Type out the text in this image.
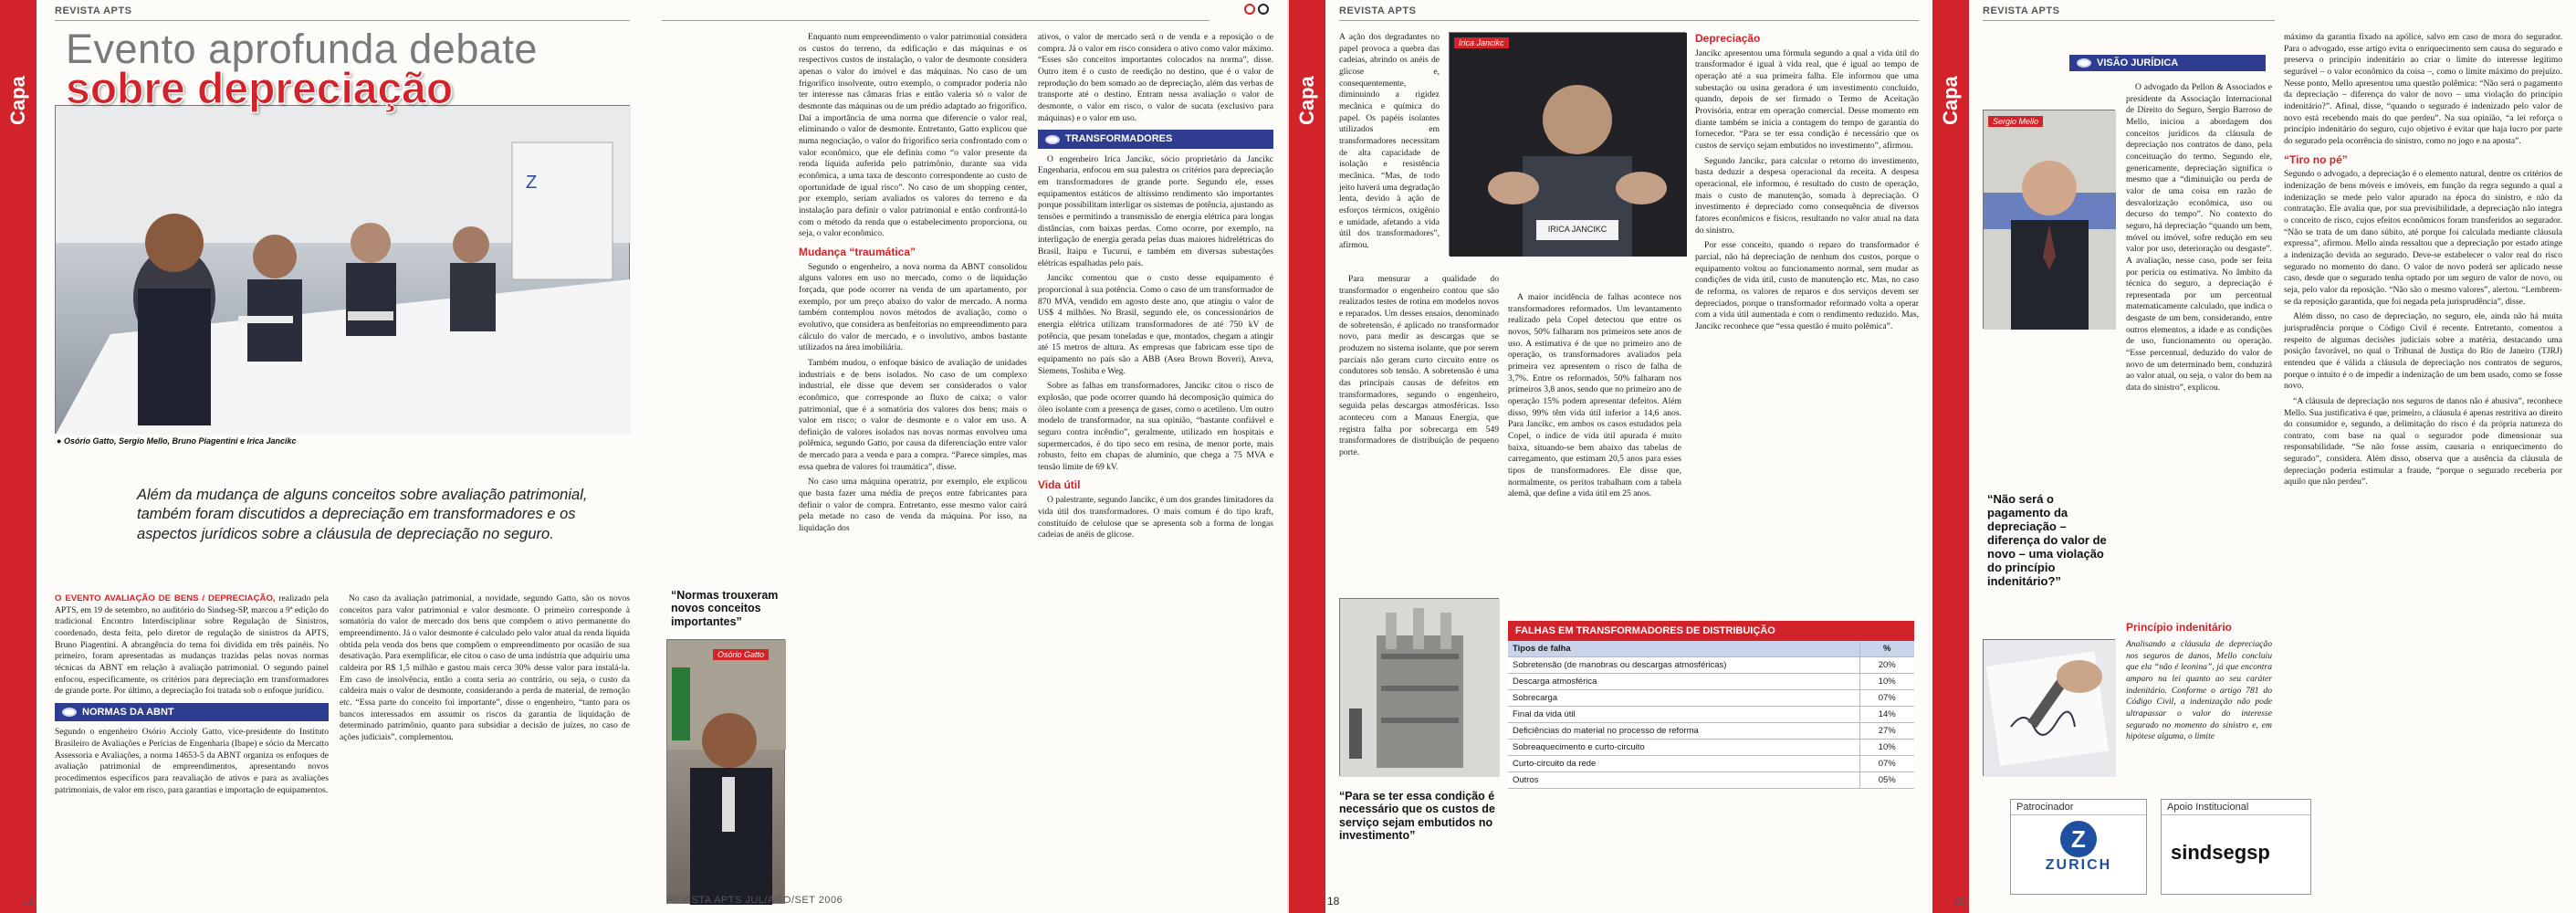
Capa
REVISTA APTS
Evento aprofunda debate
sobre depreciação
Z
● Osório Gatto, Sergio Mello, Bruno Piagentini e Irica Jancikc
Além da mudança de alguns conceitos sobre avaliação patrimonial, também foram discutidos a depreciação em transformadores e os aspectos jurídicos sobre a cláusula de depreciação no seguro.

O EVENTO AVALIAÇÃO DE BENS / DEPRECIAÇÃO, realizado pela APTS, em 19 de setembro, no auditório do Sindseg-SP, marcou a 9ª edição do tradicional Encontro Interdisciplinar sobre Regulação de Sinistros, coordenado, desta feita, pelo diretor de regulação de sinistros da APTS, Bruno Piagentini. A abrangência do tema foi dividida em três painéis. No primeiro, foram apresentadas as mudanças trazidas pelas novas normas técnicas da ABNT em relação à avaliação patrimonial. O segundo painel enfocou, especificamente, os critérios para depreciação em transformadores de grande porte. Por último, a depreciação foi tratada sob o enfoque jurídico.

NORMAS DA ABNT

Segundo o engenheiro Osório Accioly Gatto, vice-presidente do Instituto Brasileiro de Avaliações e Perícias de Engenharia (Ibape) e sócio da Mercatto Assessoria e Avaliações, a norma 14653-5 da ABNT organiza os enfoques de avaliação patrimonial de empreendimentos, apresentando novos procedimentos específicos para reavaliação de ativos e para as avaliações patrimoniais, de valor em risco, para garantias e importação de equipamentos.

No caso da avaliação patrimonial, a novidade, segundo Gatto, são os novos conceitos para valor patrimonial e valor desmonte. O primeiro corresponde à somatória do valor de mercado dos bens que compõem o ativo permanente do empreendimento. Já o valor desmonte é calculado pelo valor atual da renda líquida obtida pela venda dos bens que compõem o empreendimento por ocasião de sua desativação. Para exemplificar, ele citou o caso de uma indústria que adquiriu uma caldeira por R$ 1,5 milhão e gastou mais cerca 30% desse valor para instalá-la. Em caso de insolvência, então a conta seria ao contrário, ou seja, o custo da caldeira mais o valor de desmonte, considerando a perda de material, de remoção etc. “Essa parte do conceito foi importante”, disse o engenheiro, “tanto para os bancos interessados em assumir os riscos da garantia de liquidação de determinado patrimônio, quanto para subsidiar a decisão de juízes, no caso de ações judiciais”, complementou.

16
“Normas trouxeram novos conceitos importantes”
Osório Gatto
REVISTA APTS JUL/AGO/SET 2006

Enquanto num empreendimento o valor patrimonial considera os custos do terreno, da edificação e das máquinas e os respectivos custos de instalação, o valor de desmonte considera apenas o valor do imóvel e das máquinas. No caso de um frigorífico insolvente, outro exemplo, o comprador poderia não ter interesse nas câmaras frias e então valeria só o valor de desmonte das máquinas ou de um prédio adaptado ao frigorífico. Daí a importância de uma norma que diferencie o valor real, eliminando o valor de desmonte. Entretanto, Gatto explicou que numa negociação, o valor do frigorífico seria confrontado com o valor econômico, que ele definiu como “o valor presente da renda líquida auferida pelo patrimônio, durante sua vida econômica, a uma taxa de desconto correspondente ao custo de oportunidade de igual risco”. No caso de um shopping center, por exemplo, seriam avaliados os valores do terreno e da instalação para definir o valor patrimonial e então confrontá-lo com o método da renda que o estabelecimento proporciona, ou seja, o valor econômico.

Mudança “traumática”

Segundo o engenheiro, a nova norma da ABNT consolidou alguns valores em uso no mercado, como o de liquidação forçada, que pode ocorrer na venda de um apartamento, por exemplo, por um preço abaixo do valor de mercado. A norma também contemplou novos métodos de avaliação, como o evolutivo, que considera as benfeitorias no empreendimento para cálculo do valor de mercado, e o involutivo, ambos bastante utilizados na área imobiliária.

Também mudou, o enfoque básico de avaliação de unidades industriais e de bens isolados. No caso de um complexo industrial, ele disse que devem ser considerados o valor econômico, que corresponde ao fluxo de caixa; o valor patrimonial, que é a somatória dos valores dos bens; mais o valor em risco; o valor de desmonte e o valor em uso. A definição de valores isolados nas novas normas envolveu uma polêmica, segundo Gatto, por causa da diferenciação entre valor de mercado para a venda e para a compra. “Parece simples, mas essa quebra de valores foi traumática”, disse.

No caso uma máquina operatriz, por exemplo, ele explicou que basta fazer uma média de preços entre fabricantes para definir o valor de compra. Entretanto, esse mesmo valor cairá pela metade no caso de venda da máquina. Por isso, na liquidação dos

ativos, o valor de mercado será o de venda e a reposição o de compra. Já o valor em risco considera o ativo como valor máximo. “Esses são conceitos importantes colocados na norma”, disse. Outro item é o custo de reedição no destino, que é o valor de reprodução do bem somado ao de depreciação, além das verbas de transporte até o destino. Entram nessa avaliação o valor de desmonte, o valor em risco, o valor de sucata (exclusivo para máquinas) e o valor em uso.

TRANSFORMADORES

O engenheiro Irica Jancikc, sócio proprietário da Jancikc Engenharia, enfocou em sua palestra os critérios para depreciação em transformadores de grande porte. Segundo ele, esses equipamentos estáticos de altíssimo rendimento são importantes porque possibilitam interligar os sistemas de potência, ajustando as tensões e permitindo a transmissão de energia elétrica para longas distâncias, com baixas perdas. Como ocorre, por exemplo, na interligação de energia gerada pelas duas maiores hidrelétricas do Brasil, Itaipu e Tucuruí, e também em diversas subestações elétricas espalhadas pelo país.

Jancikc comentou que o custo desse equipamento é proporcional à sua potência. Como o caso de um transformador de 870 MVA, vendido em agosto deste ano, que atingiu o valor de US$ 4 milhões. No Brasil, segundo ele, os concessionários de energia elétrica utilizam transformadores de até 750 kV de potência, que pesam toneladas e que, montados, chegam a atingir até 15 metros de altura. As empresas que fabricam esse tipo de equipamento no país são a ABB (Asea Brown Boveri), Areva, Siemens, Toshiba e Weg.

Sobre as falhas em transformadores, Jancikc citou o risco de explosão, que pode ocorrer quando há decomposição química do óleo isolante com a presença de gases, como o acetileno. Um outro modelo de transformador, na sua opinião, “bastante confiável e seguro contra incêndio”, geralmente, utilizado em hospitais e supermercados, é do tipo seco em resina, de menor porte, mais robusto, feito em chapas de alumínio, que chega a 75 MVA e tensão limite de 69 kV.

Vida útil

O palestrante, segundo Jancikc, é um dos grandes limitadores da vida útil dos transformadores. O mais comum é do tipo kraft, constituído de celulose que se apresenta sob a forma de longas cadeias de anéis de glicose.

Capa
REVISTA APTS

A ação dos degradantes no papel provoca a quebra das cadeias, abrindo os anéis de glicose e, consequentemente, diminuindo a rigidez mecânica e química do papel. Os papéis isolantes utilizados em transformadores necessitam de alta capacidade de isolação e resistência mecânica. “Mas, de todo jeito haverá uma degradação lenta, devido à ação de esforços térmicos, oxigênio e umidade, afetando a vida útil dos transformadores”, afirmou.

Irica Jancikc
IRICA JANCIKC

Para mensurar a qualidade do transformador o engenheiro contou que são realizados testes de rotina em modelos novos e reparados. Um desses ensaios, denominado de sobretensão, é aplicado no transformador novo, para medir as descargas que se produzem no sistema isolante, que por serem parciais não geram curto circuito entre os condutores sob tensão. A sobretensão é uma das principais causas de defeitos em transformadores, segundo o engenheiro, seguida pelas descargas atmosféricas. Isso aconteceu com a Manaus Energia, que registra falha por sobrecarga em 549 transformadores de distribuição de pequeno porte.

A maior incidência de falhas acontece nos transformadores reformados. Um levantamento realizado pela Copel detectou que entre os novos, 50% falharam nos primeiros sete anos de uso. A estimativa é de que no primeiro ano de operação, os transformadores avaliados pela primeira vez apresentem o risco de falha de 3,7%. Entre os reformados, 50% falharam nos primeiros 3,8 anos, sendo que no primeiro ano de operação 15% podem apresentar defeitos. Além disso, 99% têm vida útil inferior a 14,6 anos. Para Jancikc, em ambos os casos estudados pela Copel, o índice de vida útil apurada é muito baixa, situando-se bem abaixo das tabelas de carregamento, que estimam 20,5 anos para esses tipos de transformadores. Ele disse que, normalmente, os peritos trabalham com a tabela alemã, que define a vida útil em 25 anos.

Depreciação

Jancikc apresentou uma fórmula segundo a qual a vida útil do transformador é igual à vida real, que é igual ao tempo de operação até a sua primeira falha. Ele informou que uma subestação ou usina geradora é um investimento concluído, quando, depois de ser firmado o Termo de Aceitação Provisória, entrar em operação comercial. Desse momento em diante também se inicia a contagem do tempo de garantia do fornecedor. “Para se ter essa condição é necessário que os custos de serviço sejam embutidos no investimento”, afirmou.

Segundo Jancikc, para calcular o retorno do investimento, basta deduzir a despesa operacional da receita. A despesa operacional, ele informou, é resultado do custo de operação, mais o custo de manutenção, somada à depreciação. O investimento é depreciado como consequência de diversos fatores econômicos e físicos, resultando no valor atual na data do sinistro.

Por esse conceito, quando o reparo do transformador é parcial, não há depreciação de nenhum dos custos, porque o equipamento voltou ao funcionamento normal, sem mudar as condições de vida útil, custo de manutenção etc. Mas, no caso de reforma, os valores de reparos e dos serviços devem ser depreciados, porque o transformador reformado volta a operar com a vida útil aumentada e com o rendimento reduzido. Mas, Jancikc reconhece que “essa questão é muito polêmica”.

“Para se ter essa condição é necessário que os custos de serviço sejam embutidos no investimento”
FALHAS EM TRANSFORMADORES DE DISTRIBUIÇÃO
Tipos de falha	%
Sobretensão (de manobras ou descargas atmosféricas)	20%
Descarga atmosférica	10%
Sobrecarga	07%
Final da vida útil	14%
Deficiências do material no processo de reforma	27%
Sobreaquecimento e curto-circuito	10%
Curto-circuito da rede	07%
Outros	05%
18
Capa
REVISTA APTS
VISÃO JURÍDICA
Sergio Mello

O advogado da Pellon & Associados e presidente da Associação Internacional de Direito do Seguro, Sergio Barroso de Mello, iniciou a abordagem dos conceitos jurídicos da cláusula de depreciação nos contratos de dano, pela conceituação do termo. Segundo ele, genericamente, depreciação significa o mesmo que a “diminuição ou perda de valor de uma coisa em razão de desvalorização econômica, uso ou decurso do tempo”. No contexto do seguro, há depreciação “quando um bem, móvel ou imóvel, sofre redução em seu valor por uso, deterioração ou desgaste”. A avaliação, nesse caso, pode ser feita por perícia ou estimativa. No âmbito da técnica do seguro, a depreciação é representada por um percentual matematicamente calculado, que indica o desgaste de um bem, considerando, entre outros elementos, a idade e as condições de uso, funcionamento ou operação. “Esse percentual, deduzido do valor de novo de um determinado bem, conduzirá ao valor atual, ou seja, o valor do bem na data do sinistro”, explicou.

“Não será o pagamento da depreciação – diferença do valor de novo – uma violação do princípio indenitário?”
Princípio indenitário

Analisando a cláusula de depreciação nos seguros de danos, Mello concluiu que ela “não é leonina”, já que encontra amparo na lei quanto ao seu caráter indenitário. Conforme o artigo 781 do Código Civil, a indenização não pode ultrapassar o valor do interesse segurado no momento do sinistro e, em hipótese alguma, o limite

máximo da garantia fixado na apólice, salvo em caso de mora do segurador. Para o advogado, esse artigo evita o enriquecimento sem causa do segurado e preserva o princípio indenitário ao criar o limite do interesse legítimo segurável – o valor econômico da coisa –, como o limite máximo do prejuízo. Nesse ponto, Mello apresentou uma questão polêmica: “Não será o pagamento da depreciação – diferença do valor de novo – uma violação do princípio indenitário?”. Afinal, disse, “quando o segurado é indenizado pelo valor de novo está recebendo mais do que perdeu”. Na sua opinião, “a lei reforça o princípio indenitário do seguro, cujo objetivo é evitar que haja lucro por parte do segurado pela ocorrência do sinistro, como no jogo e na aposta”.

“Tiro no pé”

Segundo o advogado, a depreciação é o elemento natural, dentre os critérios de indenização de bens móveis e imóveis, em função da regra segundo a qual a indenização se mede pelo valor apurado na época do sinistro, e não da contratação. Ele avalia que, por sua previsibilidade, a depreciação não integra o conceito de risco, cujos efeitos econômicos foram transferidos ao segurador. “Não se trata de um dano súbito, até porque foi calculada mediante cláusula expressa”, afirmou. Mello ainda ressaltou que a depreciação por estado atinge a indenização devida ao segurado. Deve-se estabelecer o valor real do risco segurado no momento do dano. O valor de novo poderá ser aplicado nesse caso, desde que o segurado tenha optado por um seguro de valor de novo, ou seja, pelo valor da reposição. “Não são o mesmo valores”, alertou. “Lembrem-se da reposição garantida, que foi negada pela jurisprudência”, disse.

Além disso, no caso de depreciação, no seguro, ele, ainda não há muita jurisprudência porque o Código Civil é recente. Entretanto, comentou a respeito de algumas decisões judiciais sobre a matéria, destacando uma posição favorável, no qual o Tribunal de Justiça do Rio de Janeiro (TJRJ) entendeu que é válida a cláusula de depreciação nos contratos de seguros, porque o intuito é o de impedir a indenização de um bem usado, como se fosse novo.

“A cláusula de depreciação nos seguros de danos não é abusiva”, reconhece Mello. Sua justificativa é que, primeiro, a cláusula é apenas restritiva ao direito do consumidor e, segundo, a delimitação do risco é da própria natureza do contrato, com base na qual o segurador pode dimensionar sua responsabilidade. “Se não fosse assim, causaria o enriquecimento do segurado”, considera. Além disso, observa que a ausência da cláusula de depreciação poderia estimular a fraude, “porque o segurado receberia por aquilo que não perdeu”.

Patrocinador
Z
ZURICH
Apoio Institucional
sindsegsp
20
